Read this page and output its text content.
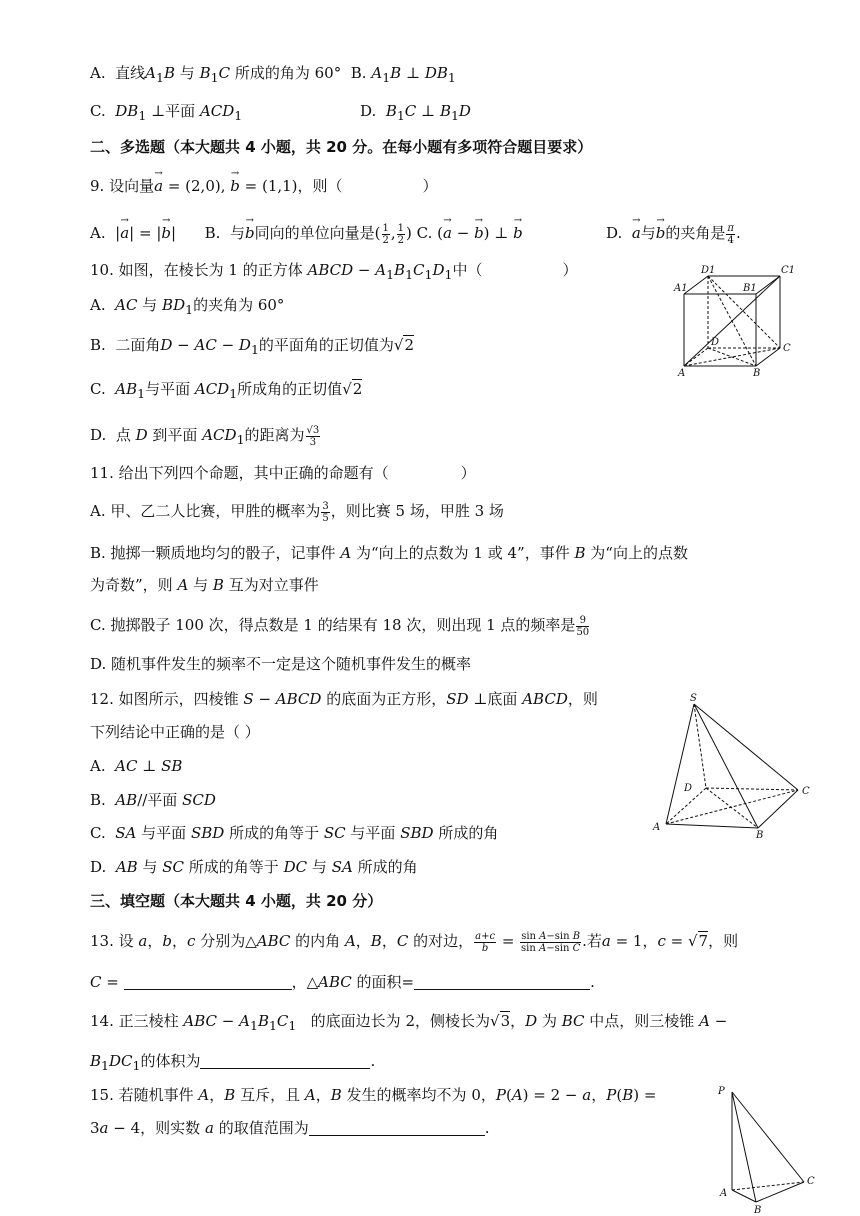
A. 直线$A_1B$ 与 $B_1C$ 所成的角为 60° B. $A_1B$ ⊥ $DB_1$
C. $DB_1$ ⊥平面 $ACD_1$	D. $B_1C$ ⊥ $B_1D$
二、多选题（本大题共 4 小题，共 20 分。在每小题有多项符合题目要求）
9. 设向量a → = (2,0), b → = (1,1)，则（	）
A.  |a →| = |b →|      B. 与b →同向的单位向量是( $\frac{1}{2}$ , $\frac{1}{2}$ ) C. (a → − b →) ⊥ b →	D. a →与b →的夹角是 $\frac{\pi}{4}$ .
10. 如图，在棱长为 1 的正方体 ABCD − $A_1B_1C_1D_1$中（	）
A. AC 与 $BD_1$的夹角为 60°
B. 二面角D − AC − $D_1$的平面角的正切值为√2
C. $AB_1$与平面 $ACD_1$所成角的正切值√2
D. 点 D 到平面 $ACD_1$的距离为 $\frac{√3}{3}$
D1	C1
A1	B1
D
C
A	B
11. 给出下列四个命题，其中正确的命题有（	）
A. 甲、乙二人比赛，甲胜的概率为 $\frac{3}{5}$ ，则比赛 5 场，甲胜 3 场
B. 抛掷一颗质地均匀的骰子，记事件 A 为“向上的点数为 1 或 4”，事件 B 为“向上的点数
为奇数”，则 A 与 B 互为对立事件
C. 抛掷骰子 100 次，得点数是 1 的结果有 18 次，则出现 1 点的频率是 $\frac{9}{50}$
D. 随机事件发生的频率不一定是这个随机事件发生的概率
12. 如图所示，四棱锥 S − ABCD 的底面为正方形，SD ⊥底面 ABCD，则
下列结论中正确的是（ ）
A. AC ⊥ SB
B. AB//平面 SCD
C. SA 与平面 SBD 所成的角等于 SC 与平面 SBD 所成的角
D. AB 与 SC 所成的角等于 DC 与 SA 所成的角
S
D	C
A
B
三、填空题（本大题共 4 小题，共 20 分）
13. 设 a，b，c 分别为△ABC 的内角 A，B，C 的对边， $\frac{a+c}{b} = \frac{\text{sin A−sin B}}{\text{sin A−sin C}}$ .若a = 1，c = √7，则
C =	，△ABC 的面积=	.
14. 正三棱柱 ABC − $A_1B_1C_1$ 的底面边长为 2，侧棱长为√3，D 为 BC 中点，则三棱锥 A −
$B_1DC_1$的体积为	.
15. 若随机事件 A，B 互斥，且 A，B 发生的概率均不为 0，P(A) = 2 − a，P(B) =
3a − 4，则实数 a 的取值范围为	.
P
A
B
C
